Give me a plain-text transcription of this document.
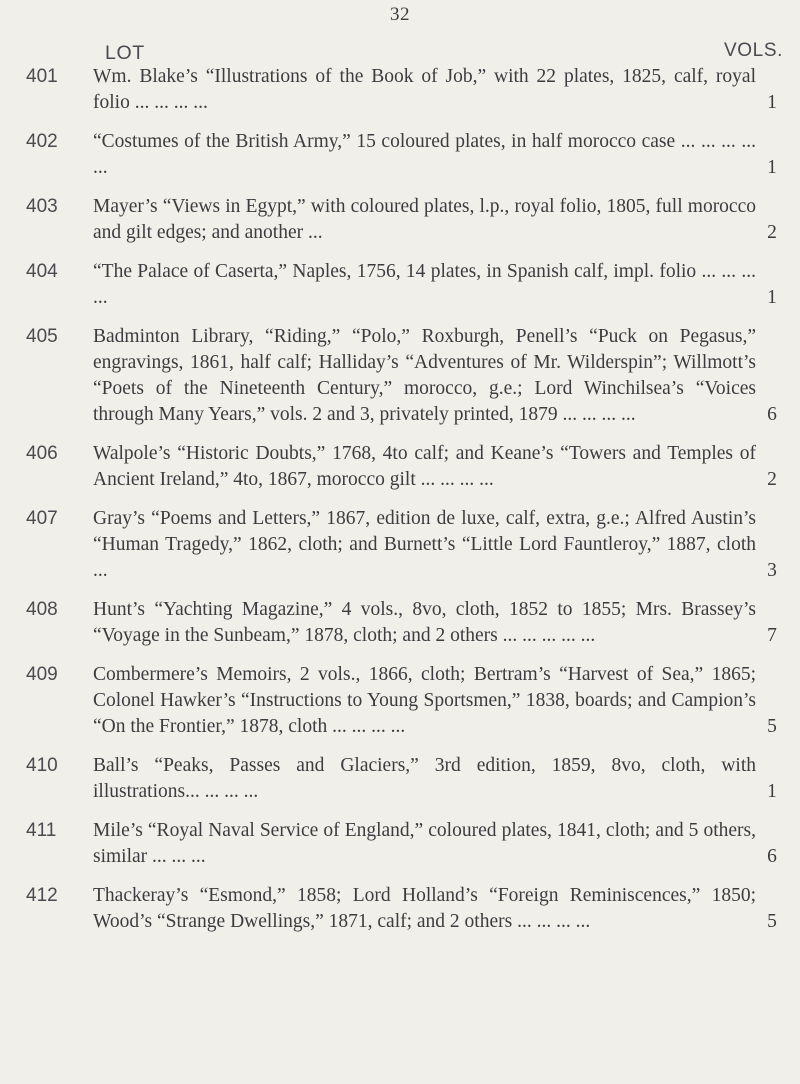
32
LOT	VOLS.
401 Wm. Blake’s “Illustrations of the Book of Job,” with 22 plates, 1825, calf, royal folio ... ... ... ...	1
402 “Costumes of the British Army,” 15 coloured plates, in half morocco case ... ... ... ... ...	1
403 Mayer’s “Views in Egypt,” with coloured plates, l.p., royal folio, 1805, full morocco and gilt edges; and another ...	2
404 “The Palace of Caserta,” Naples, 1756, 14 plates, in Spanish calf, impl. folio ... ... ... ...	1
405 Badminton Library, “Riding,” “Polo,” Roxburgh, Penell’s “Puck on Pegasus,” engravings, 1861, half calf; Halliday’s “Adventures of Mr. Wilderspin”; Willmott’s “Poets of the Nineteenth Century,” morocco, g.e.; Lord Winchilsea’s “Voices through Many Years,” vols. 2 and 3, privately printed, 1879 ... ... ... ...	6
406 Walpole’s “Historic Doubts,” 1768, 4to calf; and Keane’s “Towers and Temples of Ancient Ireland,” 4to, 1867, morocco gilt ... ... ... ...	2
407 Gray’s “Poems and Letters,” 1867, edition de luxe, calf, extra, g.e.; Alfred Austin’s “Human Tragedy,” 1862, cloth; and Burnett’s “Little Lord Fauntleroy,” 1887, cloth ...	3
408 Hunt’s “Yachting Magazine,” 4 vols., 8vo, cloth, 1852 to 1855; Mrs. Brassey’s “Voyage in the Sunbeam,” 1878, cloth; and 2 others ... ... ... ... ...	7
409 Combermere’s Memoirs, 2 vols., 1866, cloth; Bertram’s “Harvest of Sea,” 1865; Colonel Hawker’s “Instructions to Young Sportsmen,” 1838, boards; and Campion’s “On the Frontier,” 1878, cloth ... ... ... ...	5
410 Ball’s “Peaks, Passes and Glaciers,” 3rd edition, 1859, 8vo, cloth, with illustrations... ... ... ...	1
411 Mile’s “Royal Naval Service of England,” coloured plates, 1841, cloth; and 5 others, similar ... ... ...	6
412 Thackeray’s “Esmond,” 1858; Lord Holland’s “Foreign Reminiscences,” 1850; Wood’s “Strange Dwellings,” 1871, calf; and 2 others ... ... ... ...	5
